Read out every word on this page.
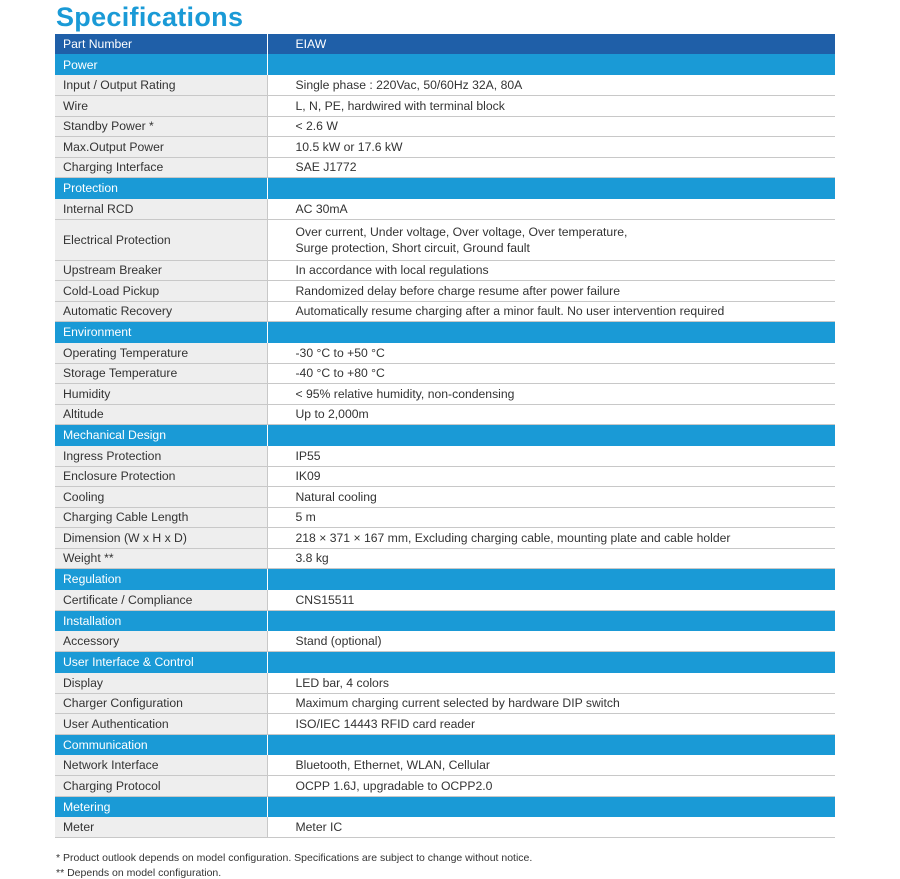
Specifications
Part Number	EIAW
Power	
Input / Output Rating	Single phase : 220Vac, 50/60Hz 32A, 80A
Wire	L, N, PE, hardwired with terminal block
Standby Power *	< 2.6 W
Max.Output Power	10.5 kW or 17.6 kW
Charging Interface	SAE J1772
Protection	
Internal RCD	AC 30mA
Electrical Protection	Over current, Under voltage, Over voltage, Over temperature,
Surge protection, Short circuit, Ground fault

Upstream Breaker	In accordance with local regulations
Cold-Load Pickup	Randomized delay before charge resume after power failure
Automatic Recovery	Automatically resume charging after a minor fault. No user intervention required
Environment	
Operating Temperature	-30 °C to +50 °C
Storage Temperature	-40 °C to +80 °C
Humidity	< 95% relative humidity, non-condensing
Altitude	Up to 2,000m
Mechanical Design	
Ingress Protection	IP55
Enclosure Protection	IK09
Cooling	Natural cooling
Charging Cable Length	5 m
Dimension (W x H x D)	218 × 371 × 167 mm, Excluding charging cable, mounting plate and cable holder
Weight **	3.8 kg
Regulation	
Certificate / Compliance	CNS15511
Installation	
Accessory	Stand (optional)
User Interface & Control	
Display	LED bar, 4 colors
Charger Configuration	Maximum charging current selected by hardware DIP switch
User Authentication	ISO/IEC 14443 RFID card reader
Communication	
Network Interface	Bluetooth, Ethernet, WLAN, Cellular
Charging Protocol	OCPP 1.6J, upgradable to OCPP2.0
Metering	
Meter	Meter IC
* Product outlook depends on model configuration. Specifications are subject to change without notice.
** Depends on model configuration.
